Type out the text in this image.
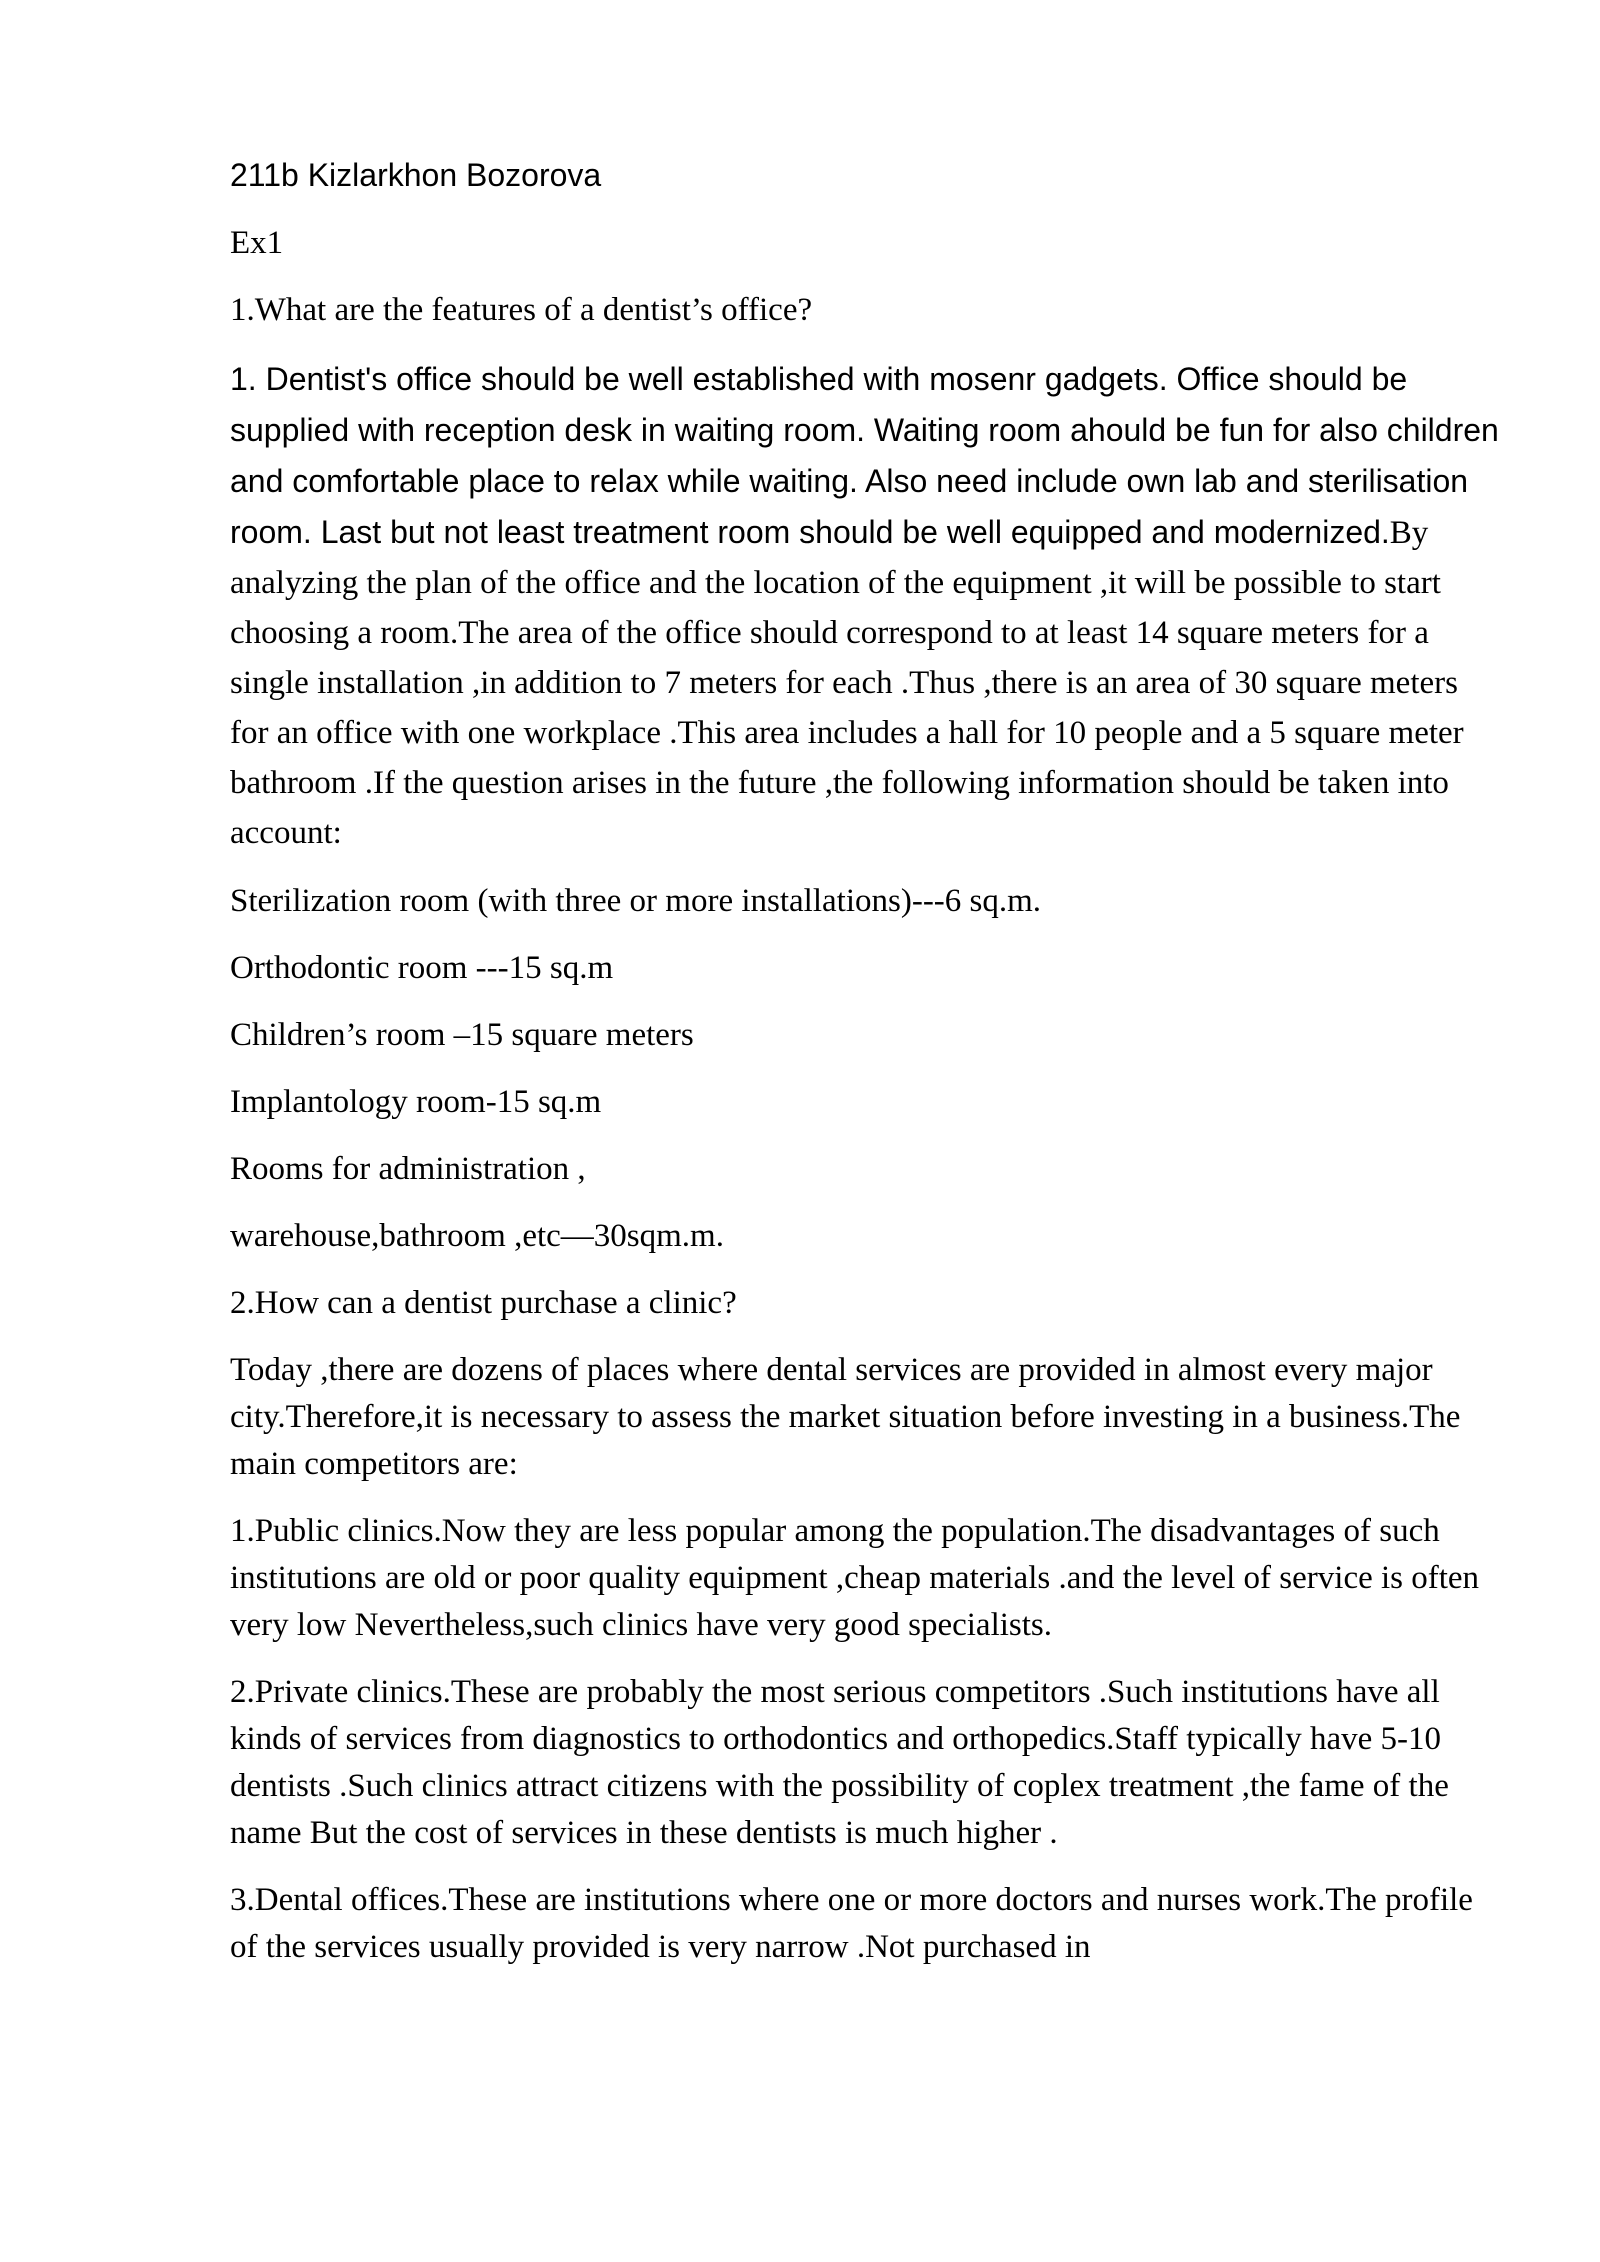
211b Kizlarkhon Bozorova

Ex1

1.What are the features of a dentist’s office?

1. Dentist's office should be well established with mosenr gadgets. Office should be supplied with reception desk in waiting room. Waiting room ahould be fun for also children and comfortable place to relax while waiting. Also need include own lab and sterilisation room. Last but not least treatment room should be well equipped and modernized.By analyzing the plan of the office and the location of the equipment ,it will be possible to start choosing a room.The area of the office should correspond to at least 14 square meters for a single installation ,in addition to 7 meters for each .Thus ,there is an area of 30 square meters for an office with one workplace .This area includes a hall for 10 people and a 5 square meter bathroom .If the question arises in the future ,the following information should be taken into account:

Sterilization room (with three or more installations)---6 sq.m.

Orthodontic room ---15 sq.m

Children’s room –15 square meters

Implantology room-15 sq.m

Rooms for administration ,

warehouse,bathroom ,etc—30sqm.m.

2.How can a dentist purchase a clinic?

Today ,there are dozens of places where dental services are provided in almost every major city.Therefore,it is necessary to assess the market situation before investing in a business.The main competitors are:

1.Public clinics.Now they are less popular among the population.The disadvantages of such institutions are old or poor quality equipment ,cheap materials .and the level of service is often very low Nevertheless,such clinics have very good specialists.

2.Private clinics.These are probably the most serious competitors .Such institutions have all kinds of services from diagnostics to orthodontics and orthopedics.Staff typically have 5-10 dentists .Such clinics attract citizens with the possibility of coplex treatment ,the fame of the name But the cost of services in these dentists is much higher .

3.Dental offices.These are institutions where one or more doctors and nurses work.The profile of the services usually provided is very narrow .Not purchased in
